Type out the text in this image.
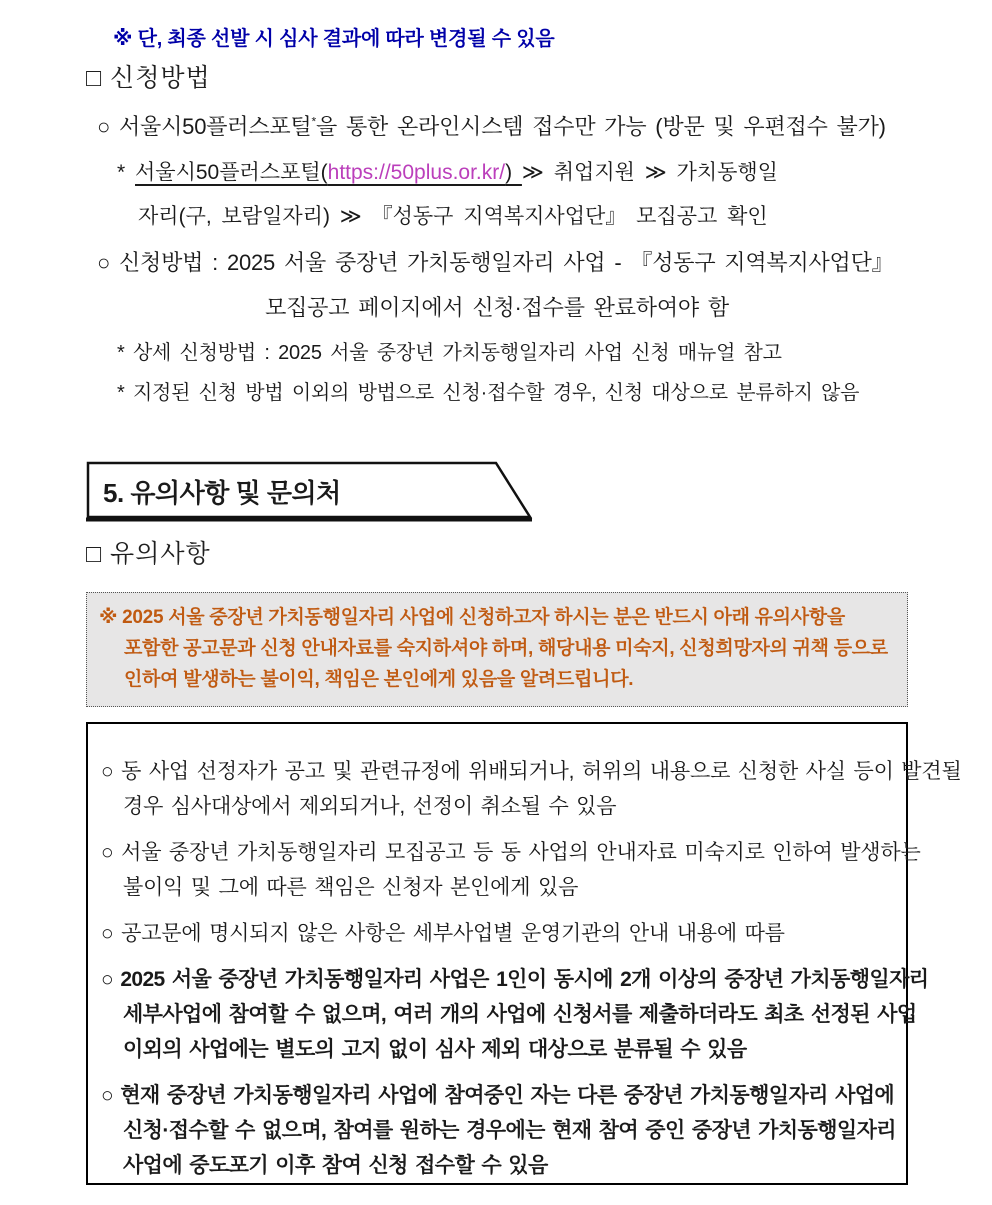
※ 단, 최종 선발 시 심사 결과에 따라 변경될 수 있음
□ 신청방법
○ 서울시50플러스포털*을 통한 온라인시스템 접수만 가능 (방문 및 우편접수 불가)
* 서울시50플러스포털(https://50plus.or.kr/) ≫ 취업지원 ≫ 가치동행일
자리(구, 보람일자리) ≫ 『성동구 지역복지사업단』 모집공고 확인
○ 신청방법 : 2025 서울 중장년 가치동행일자리 사업 - 『성동구 지역복지사업단』
모집공고 페이지에서 신청·접수를 완료하여야 함
* 상세 신청방법 : 2025 서울 중장년 가치동행일자리 사업 신청 매뉴얼 참고
* 지정된 신청 방법 이외의 방법으로 신청·접수할 경우, 신청 대상으로 분류하지 않음
5. 유의사항 및 문의처
□ 유의사항
※ 2025 서울 중장년 가치동행일자리 사업에 신청하고자 하시는 분은 반드시 아래 유의사항을
포함한 공고문과 신청 안내자료를 숙지하셔야 하며, 해당내용 미숙지, 신청희망자의 귀책 등으로
인하여 발생하는 불이익, 책임은 본인에게 있음을 알려드립니다.
○ 동 사업 선정자가 공고 및 관련규정에 위배되거나, 허위의 내용으로 신청한 사실 등이 발견될
경우 심사대상에서 제외되거나, 선정이 취소될 수 있음
○ 서울 중장년 가치동행일자리 모집공고 등 동 사업의 안내자료 미숙지로 인하여 발생하는
불이익 및 그에 따른 책임은 신청자 본인에게 있음
○ 공고문에 명시되지 않은 사항은 세부사업별 운영기관의 안내 내용에 따름
○ 2025 서울 중장년 가치동행일자리 사업은 1인이 동시에 2개 이상의 중장년 가치동행일자리
세부사업에 참여할 수 없으며, 여러 개의 사업에 신청서를 제출하더라도 최초 선정된 사업
이외의 사업에는 별도의 고지 없이 심사 제외 대상으로 분류될 수 있음
○ 현재 중장년 가치동행일자리 사업에 참여중인 자는 다른 중장년 가치동행일자리 사업에
신청·접수할 수 없으며, 참여를 원하는 경우에는 현재 참여 중인 중장년 가치동행일자리
사업에 중도포기 이후 참여 신청 접수할 수 있음
